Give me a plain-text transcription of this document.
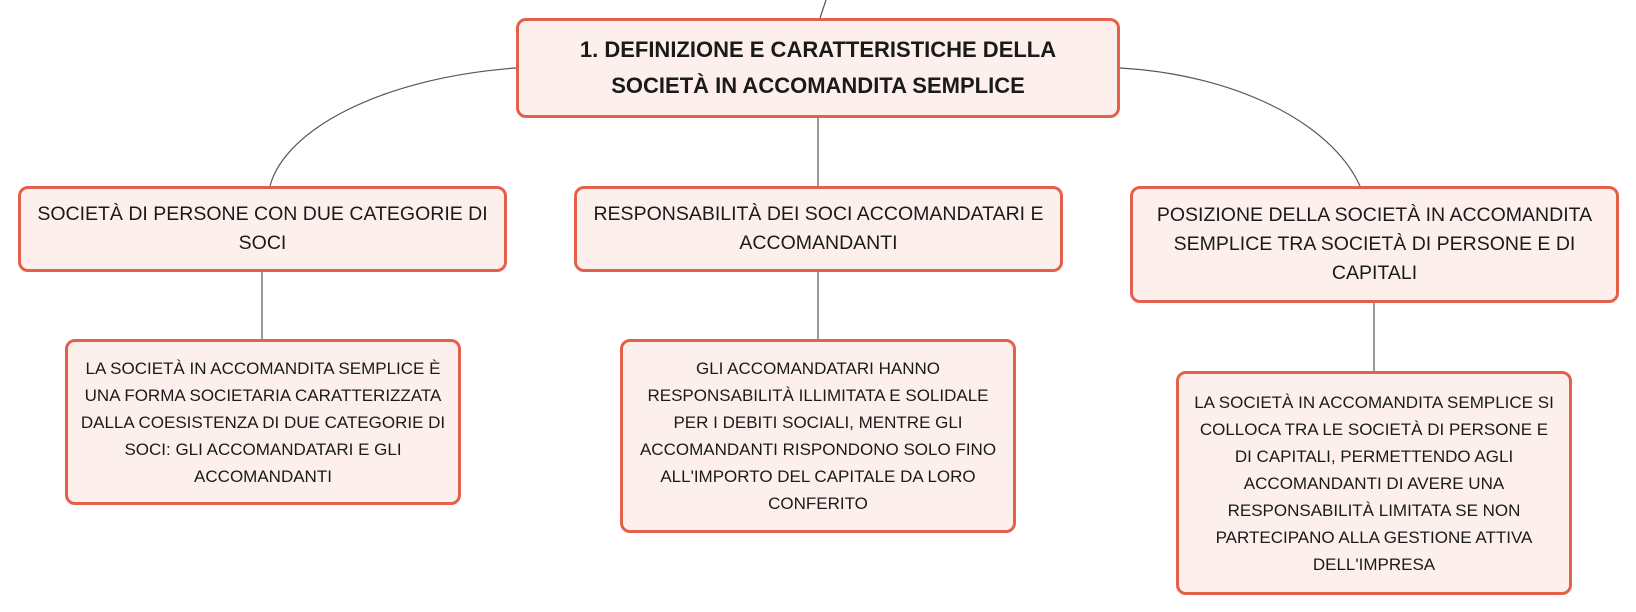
1. DEFINIZIONE E CARATTERISTICHE DELLA SOCIETÀ IN ACCOMANDITA SEMPLICE
SOCIETÀ DI PERSONE CON DUE CATEGORIE DI SOCI
RESPONSABILITÀ DEI SOCI ACCOMANDATARI E ACCOMANDANTI
POSIZIONE DELLA SOCIETÀ IN ACCOMANDITA SEMPLICE TRA SOCIETÀ DI PERSONE E DI CAPITALI
LA SOCIETÀ IN ACCOMANDITA SEMPLICE È UNA FORMA SOCIETARIA CARATTERIZZATA DALLA COESISTENZA DI DUE CATEGORIE DI SOCI: GLI ACCOMANDATARI E GLI ACCOMANDANTI
GLI ACCOMANDATARI HANNO RESPONSABILITÀ ILLIMITATA E SOLIDALE PER I DEBITI SOCIALI, MENTRE GLI ACCOMANDANTI RISPONDONO SOLO FINO ALL'IMPORTO DEL CAPITALE DA LORO CONFERITO
LA SOCIETÀ IN ACCOMANDITA SEMPLICE SI COLLOCA TRA LE SOCIETÀ DI PERSONE E DI CAPITALI, PERMETTENDO AGLI ACCOMANDANTI DI AVERE UNA RESPONSABILITÀ LIMITATA SE NON PARTECIPANO ALLA GESTIONE ATTIVA DELL'IMPRESA
